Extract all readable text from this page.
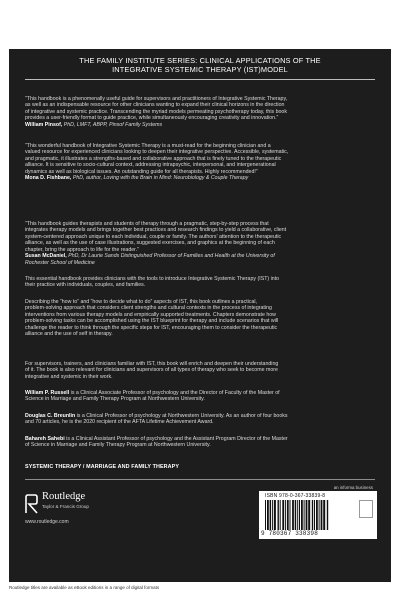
THE FAMILY INSTITUTE SERIES: CLINICAL APPLICATIONS OF THE
INTEGRATIVE SYSTEMIC THERAPY (IST)MODEL
“This handbook is a phenomenally useful guide for supervisors and practitioners of Integrative Systemic Therapy,
as well as an indispensable resource for other clinicians wanting to expand their clinical horizons in the direction
of integrative and systemic practice. Transcending the myriad models permeating psychotherapy today, this book
provides a user-friendly format to guide practice, while simultaneously encouraging creativity and innovation.”
William Pinsof, PhD, LMFT, ABPP, Pinsof Family Systems
“This wonderful handbook of Integrative Systemic Therapy is a must-read for the beginning clinician and a
valued resource for experienced clinicians looking to deepen their integrative perspective. Accessible, systematic,
and pragmatic, it illustrates a strengths-based and collaborative approach that is finely tuned to the therapeutic
alliance. It is sensitive to socio-cultural context, addressing intrapsychic, interpersonal, and intergenerational
dynamics as well as biological issues. An outstanding guide for all therapists. Highly recommended!”
Mona D. Fishbane, PhD, author, Loving with the Brain in Mind: Neurobiology & Couple Therapy
“This handbook guides therapists and students of therapy through a pragmatic, step-by-step process that
integrates therapy models and brings together best practices and research findings to yield a collaborative, client
system-centered approach unique to each individual, couple or family. The authors’ attention to the therapeutic
alliance, as well as the use of case illustrations, suggested exercises, and graphics at the beginning of each
chapter, bring the approach to life for the reader.”
Susan McDaniel, PhD, Dr Laurie Sands Distinguished Professor of Families and Health at the University of
Rochester School of Medicine
This essential handbook provides clinicians with the tools to introduce Integrative Systemic Therapy (IST) into
their practice with individuals, couples, and families.
Describing the “how to” and “how to decide what to do” aspects of IST, this book outlines a practical,
problem-solving approach that considers client strengths and cultural contexts in the process of integrating
interventions from various therapy models and empirically supported treatments. Chapters demonstrate how
problem-solving tasks can be accomplished using the IST blueprint for therapy and include scenarios that will
challenge the reader to think through the specific steps for IST, encouraging them to consider the therapeutic
alliance and the use of self in therapy.
For supervisors, trainers, and clinicians familiar with IST, this book will enrich and deepen their understanding
of it. The book is also relevant for clinicians and supervisors of all types of therapy who seek to become more
integrative and systemic in their work.
William P. Russell is a Clinical Associate Professor of psychology and the Director of Faculty of the Master of
Science in Marriage and Family Therapy Program at Northwestern University.
Douglas C. Breunlin is a Clinical Professor of psychology at Northwestern University. As an author of four books
and 70 articles, he is the 2020 recipient of the AFTA Lifetime Achievement Award.
Bahareh Sahebi is a Clinical Assistant Professor of psychology and the Assistant Program Director of the Master
of Science in Marriage and Family Therapy Program at Northwestern University.
SYSTEMIC THERAPY / MARRIAGE AND FAMILY THERAPY
Routledge
Taylor & Francis Group
www.routledge.com
an informa business
ISBN 978-0-367-33839-8
9 780367 338398
Routledge titles are available as eBook editions in a range of digital formats
